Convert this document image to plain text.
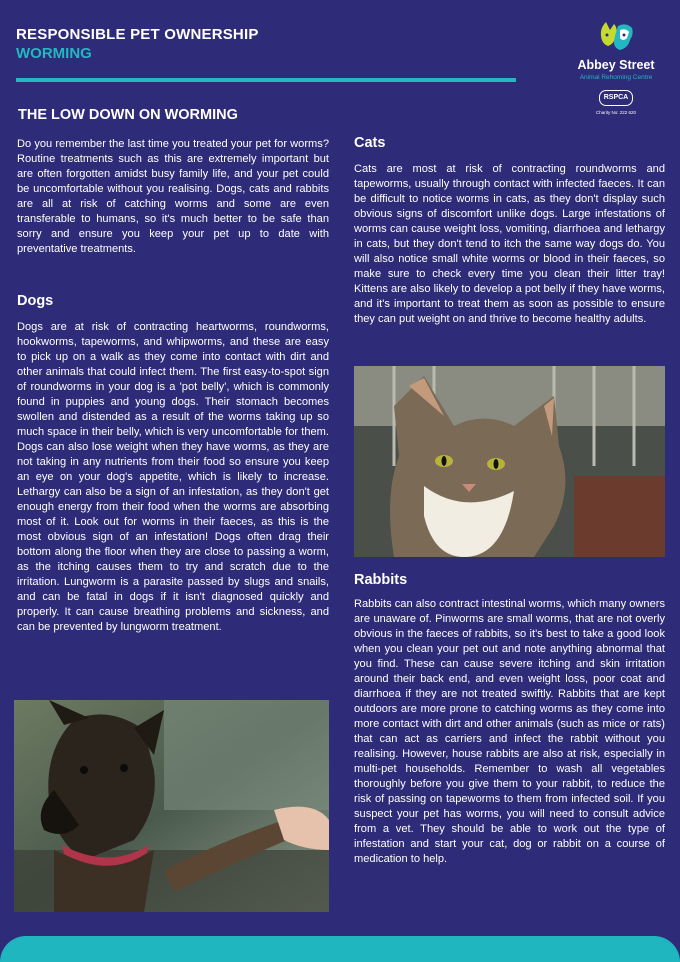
RESPONSIBLE PET OWNERSHIP
WORMING
Abbey Street
Animal Rehoming Centre
RSPCA
Charity No: 222 620
THE LOW DOWN ON WORMING

Do you remember the last time you treated your pet for worms? Routine treatments such as this are extremely important but are often forgotten amidst busy family life, and your pet could be uncomfortable without you realising. Dogs, cats and rabbits are all at risk of catching worms and some are even transferable to humans, so it's much better to be safe than sorry and ensure you keep your pet up to date with preventative treatments.

Dogs

Dogs are at risk of contracting heartworms, roundworms, hookworms, tapeworms, and whipworms, and these are easy to pick up on a walk as they come into contact with dirt and other animals that could infect them. The first easy-to-spot sign of roundworms in your dog is a 'pot belly', which is commonly found in puppies and young dogs. Their stomach becomes swollen and distended as a result of the worms taking up so much space in their belly, which is very uncomfortable for them. Dogs can also lose weight when they have worms, as they are not taking in any nutrients from their food so ensure you keep an eye on your dog's appetite, which is likely to increase. Lethargy can also be a sign of an infestation, as they don't get enough energy from their food when the worms are absorbing most of it. Look out for worms in their faeces, as this is the most obvious sign of an infestation! Dogs often drag their bottom along the floor when they are close to passing a worm, as the itching causes them to try and scratch due to the irritation. Lungworm is a parasite passed by slugs and snails, and can be fatal in dogs if it isn't diagnosed quickly and properly. It can cause breathing problems and sickness, and can be prevented by lungworm treatment.

Cats

Cats are most at risk of contracting roundworms and tapeworms, usually through contact with infected faeces. It can be difficult to notice worms in cats, as they don't display such obvious signs of discomfort unlike dogs. Large infestations of worms can cause weight loss, vomiting, diarrhoea and lethargy in cats, but they don't tend to itch the same way dogs do. You will also notice small white worms or blood in their faeces, so make sure to check every time you clean their litter tray! Kittens are also likely to develop a pot belly if they have worms, and it's important to treat them as soon as possible to ensure they can put weight on and thrive to become healthy adults.

Rabbits

Rabbits can also contract intestinal worms, which many owners are unaware of. Pinworms are small worms, that are not overly obvious in the faeces of rabbits, so it's best to take a good look when you clean your pet out and note anything abnormal that you find. These can cause severe itching and skin irritation around their back end, and even weight loss, poor coat and diarrhoea if they are not treated swiftly. Rabbits that are kept outdoors are more prone to catching worms as they come into more contact with dirt and other animals (such as mice or rats) that can act as carriers and infect the rabbit without you realising. However, house rabbits are also at risk, especially in multi-pet households. Remember to wash all vegetables thoroughly before you give them to your rabbit, to reduce the risk of passing on tapeworms to them from infected soil. If you suspect your pet has worms, you will need to consult advice from a vet. They should be able to work out the type of infestation and start your cat, dog or rabbit on a course of medication to help.
